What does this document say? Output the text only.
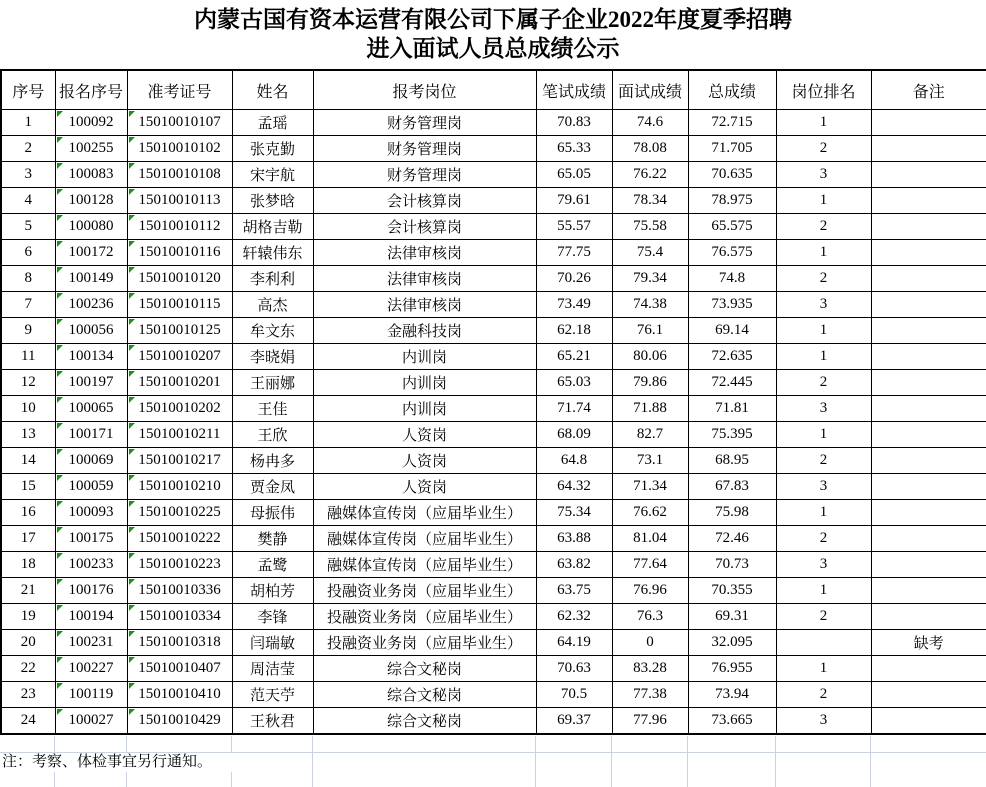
内蒙古国有资本运营有限公司下属子企业2022年度夏季招聘
进入面试人员总成绩公示
序号	报名序号	准考证号	姓名	报考岗位	笔试成绩	面试成绩	总成绩	岗位排名	备注
1	100092	15010010107	孟瑶	财务管理岗	70.83	74.6	72.715	1	
2	100255	15010010102	张克勤	财务管理岗	65.33	78.08	71.705	2	
3	100083	15010010108	宋宇航	财务管理岗	65.05	76.22	70.635	3	
4	100128	15010010113	张梦晗	会计核算岗	79.61	78.34	78.975	1	
5	100080	15010010112	胡格吉勒	会计核算岗	55.57	75.58	65.575	2	
6	100172	15010010116	轩辕伟东	法律审核岗	77.75	75.4	76.575	1	
8	100149	15010010120	李利利	法律审核岗	70.26	79.34	74.8	2	
7	100236	15010010115	高杰	法律审核岗	73.49	74.38	73.935	3	
9	100056	15010010125	牟文东	金融科技岗	62.18	76.1	69.14	1	
11	100134	15010010207	李晓娟	内训岗	65.21	80.06	72.635	1	
12	100197	15010010201	王丽娜	内训岗	65.03	79.86	72.445	2	
10	100065	15010010202	王佳	内训岗	71.74	71.88	71.81	3	
13	100171	15010010211	王欣	人资岗	68.09	82.7	75.395	1	
14	100069	15010010217	杨冉多	人资岗	64.8	73.1	68.95	2	
15	100059	15010010210	贾金凤	人资岗	64.32	71.34	67.83	3	
16	100093	15010010225	母振伟	融媒体宣传岗（应届毕业生）	75.34	76.62	75.98	1	
17	100175	15010010222	樊静	融媒体宣传岗（应届毕业生）	63.88	81.04	72.46	2	
18	100233	15010010223	孟鹭	融媒体宣传岗（应届毕业生）	63.82	77.64	70.73	3	
21	100176	15010010336	胡柏芳	投融资业务岗（应届毕业生）	63.75	76.96	70.355	1	
19	100194	15010010334	李锋	投融资业务岗（应届毕业生）	62.32	76.3	69.31	2	
20	100231	15010010318	闫瑞敏	投融资业务岗（应届毕业生）	64.19	0	32.095		缺考
22	100227	15010010407	周洁莹	综合文秘岗	70.63	83.28	76.955	1	
23	100119	15010010410	范天苧	综合文秘岗	70.5	77.38	73.94	2	
24	100027	15010010429	王秋君	综合文秘岗	69.37	77.96	73.665	3	
注：考察、体检事宜另行通知。
